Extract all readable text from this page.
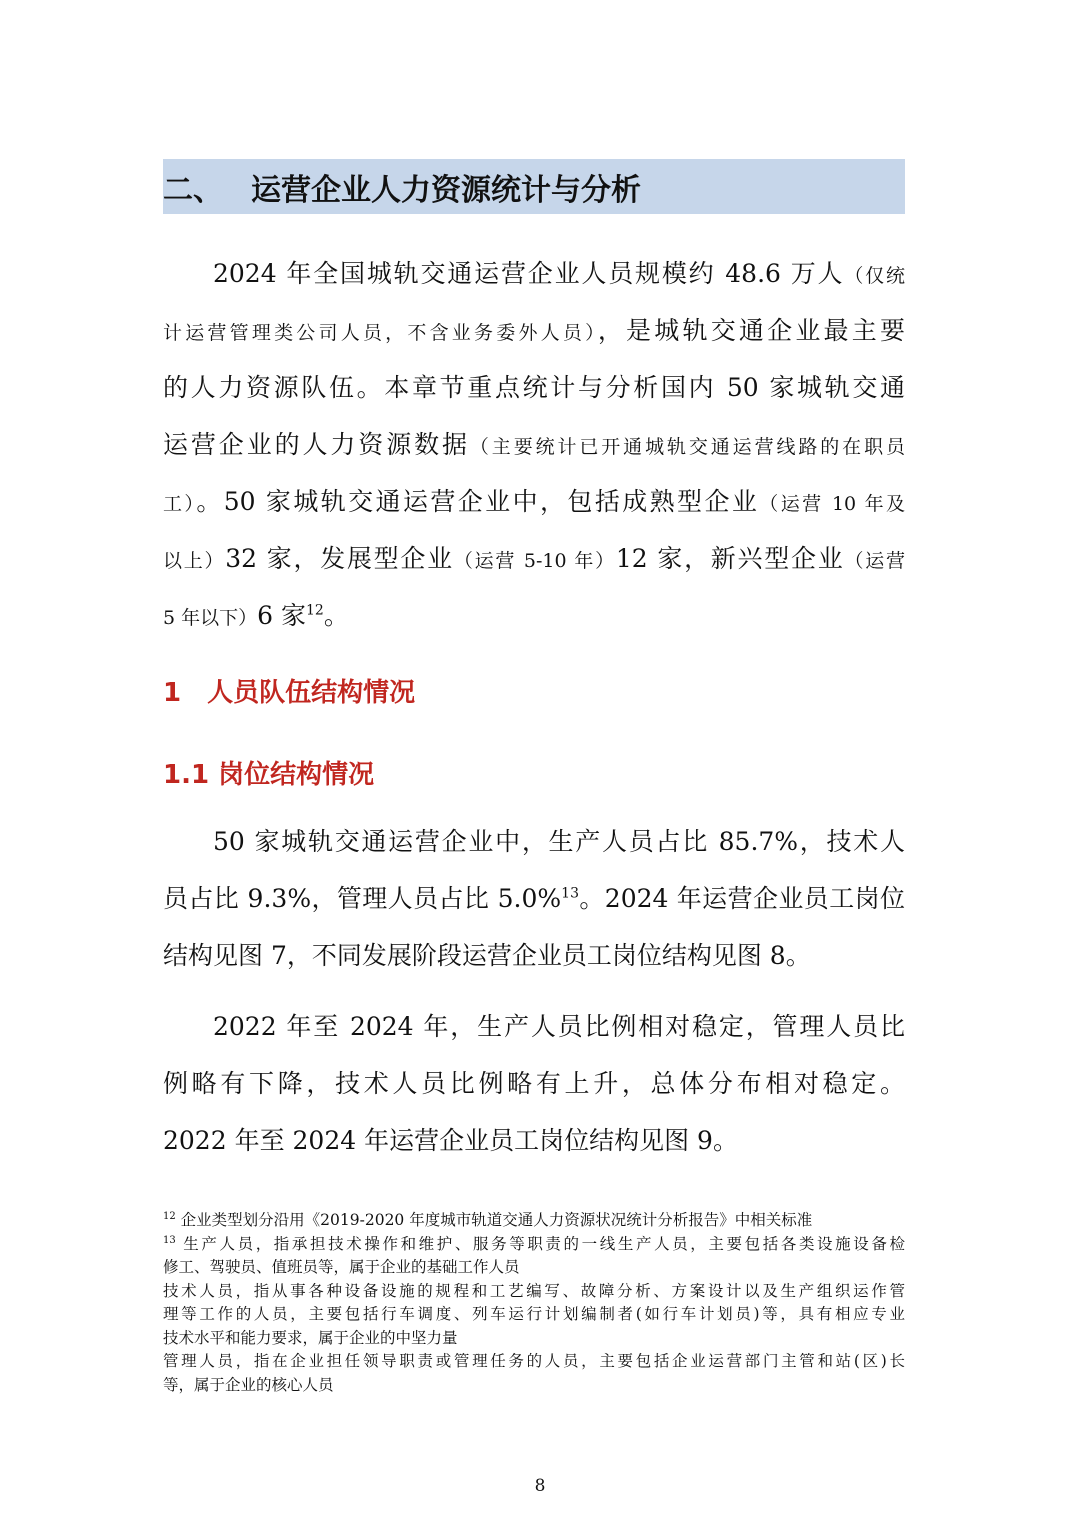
二、 运营企业人力资源统计与分析
2024 年全国城轨交通运营企业人员规模约 48.6 万人（仅统
计运营管理类公司人员，不含业务委外人员），是城轨交通企业最主要
的人力资源队伍。本章节重点统计与分析国内 50 家城轨交通
运营企业的人力资源数据（主要统计已开通城轨交通运营线路的在职员
工）。50 家城轨交通运营企业中，包括成熟型企业（运营 10 年及
以上）32 家，发展型企业（运营 5-10 年）12 家，新兴型企业（运营
5 年以下）6 家$^{12}$。
1 人员队伍结构情况
1.1 岗位结构情况
50 家城轨交通运营企业中，生产人员占比 85.7%，技术人
员占比 9.3%，管理人员占比 5.0%$^{13}$。2024 年运营企业员工岗位
结构见图 7，不同发展阶段运营企业员工岗位结构见图 8。
2022 年至 2024 年，生产人员比例相对稳定，管理人员比
例略有下降，技术人员比例略有上升，总体分布相对稳定。
2022 年至 2024 年运营企业员工岗位结构见图 9。
$^{12}$ 企业类型划分沿用《2019-2020 年度城市轨道交通人力资源状况统计分析报告》中相关标准
$^{13}$ 生产人员，指承担技术操作和维护、服务等职责的一线生产人员，主要包括各类设施设备检
修工、驾驶员、值班员等，属于企业的基础工作人员
技术人员，指从事各种设备设施的规程和工艺编写、故障分析、方案设计以及生产组织运作管
理等工作的人员，主要包括行车调度、列车运行计划编制者(如行车计划员)等，具有相应专业
技术水平和能力要求，属于企业的中坚力量
管理人员，指在企业担任领导职责或管理任务的人员，主要包括企业运营部门主管和站(区)长
等，属于企业的核心人员
8
